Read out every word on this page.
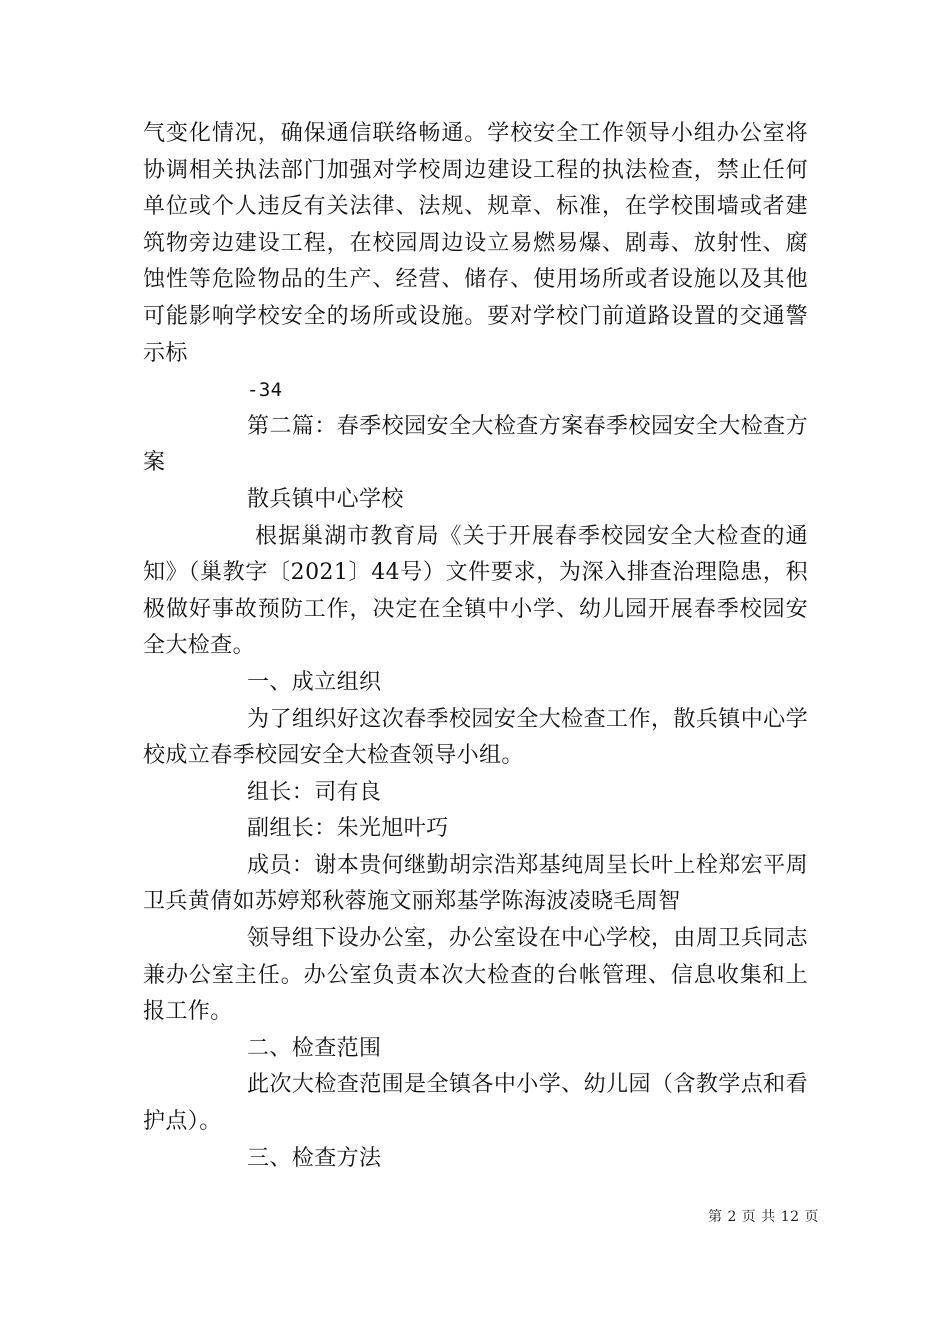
气变化情况，确保通信联络畅通。学校安全工作领导小组办公室将协调相关执法部门加强对学校周边建设工程的执法检查，禁止任何单位或个人违反有关法律、法规、规章、标准，在学校围墙或者建筑物旁边建设工程，在校园周边设立易燃易爆、剧毒、放射性、腐蚀性等危险物品的生产、经营、储存、使用场所或者设施以及其他可能影响学校安全的场所或设施。要对学校门前道路设置的交通警示标

-34

第二篇：春季校园安全大检查方案春季校园安全大检查方案

散兵镇中心学校

根据巢湖市教育局《关于开展春季校园安全大检查的通知》（巢教字〔2021〕44号）文件要求，为深入排查治理隐患，积极做好事故预防工作，决定在全镇中小学、幼儿园开展春季校园安全大检查。

一、成立组织

为了组织好这次春季校园安全大检查工作，散兵镇中心学校成立春季校园安全大检查领导小组。

组长：司有良

副组长：朱光旭叶巧

成员：谢本贵何继勤胡宗浩郑基纯周呈长叶上栓郑宏平周卫兵黄倩如苏婷郑秋蓉施文丽郑基学陈海波凌晓毛周智

领导组下设办公室，办公室设在中心学校，由周卫兵同志兼办公室主任。办公室负责本次大检查的台帐管理、信息收集和上报工作。

二、检查范围

此次大检查范围是全镇各中小学、幼儿园（含教学点和看护点）。

三、检查方法

第 2 页 共 12 页
